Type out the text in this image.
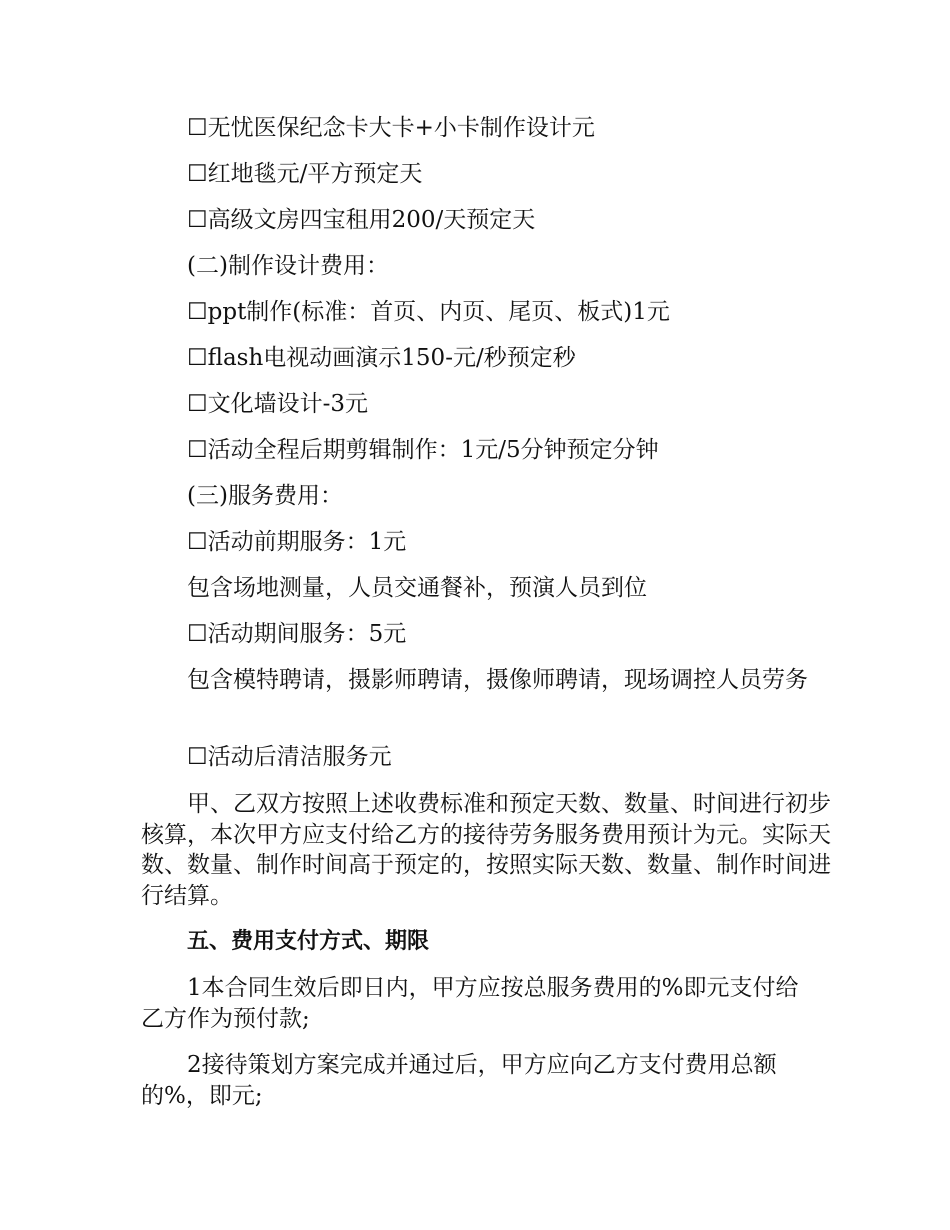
☐无忧医保纪念卡大卡+小卡制作设计元

☐红地毯元/平方预定天

☐高级文房四宝租用200/天预定天

(二)制作设计费用：

☐ppt制作(标准：首页、内页、尾页、板式)1元

☐flash电视动画演示150-元/秒预定秒

☐文化墙设计-3元

☐活动全程后期剪辑制作：1元/5分钟预定分钟

(三)服务费用：

☐活动前期服务：1元

包含场地测量，人员交通餐补，预演人员到位

☐活动期间服务：5元

包含模特聘请，摄影师聘请，摄像师聘请，现场调控人员劳务

☐活动后清洁服务元

甲、乙双方按照上述收费标准和预定天数、数量、时间进行初步核算，本次甲方应支付给乙方的接待劳务服务费用预计为元。实际天数、数量、制作时间高于预定的，按照实际天数、数量、制作时间进行结算。

五、费用支付方式、期限

1本合同生效后即日内，甲方应按总服务费用的%即元支付给乙方作为预付款;

2接待策划方案完成并通过后，甲方应向乙方支付费用总额的%，即元;
